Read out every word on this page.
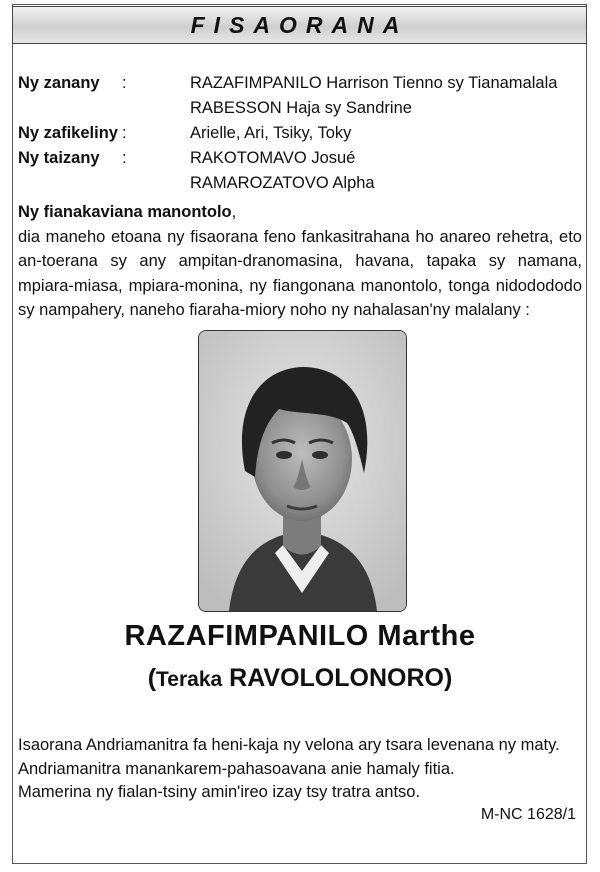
FISAORANA
Ny zanany :	RAZAFIMPANILO Harrison Tienno sy Tianamalala
RABESSON Haja sy Sandrine
Ny zafikeliny :	Arielle, Ari, Tsiky, Toky
Ny taizany :	RAKOTOMAVO Josué
RAMAROZATOVO Alpha
Ny fianakaviana manontolo,

dia maneho etoana ny fisaorana feno fankasitrahana ho anareo rehetra, eto an-toerana sy any ampitan-dranomasina, havana, tapaka sy namana, mpiara-miasa, mpiara-monina, ny fiangonana manontolo, tonga nidodododo sy nampahery, naneho fiaraha-miory noho ny nahalasan'ny malalany :

RAZAFIMPANILO Marthe
(Teraka RAVOLOLONORO)
Isaorana Andriamanitra fa heni-kaja ny velona ary tsara levenana ny maty.
Andriamanitra manankarem-pahasoavana anie hamaly fitia.
Mamerina ny fialan-tsiny amin'ireo izay tsy tratra antso.
M-NC 1628/1
